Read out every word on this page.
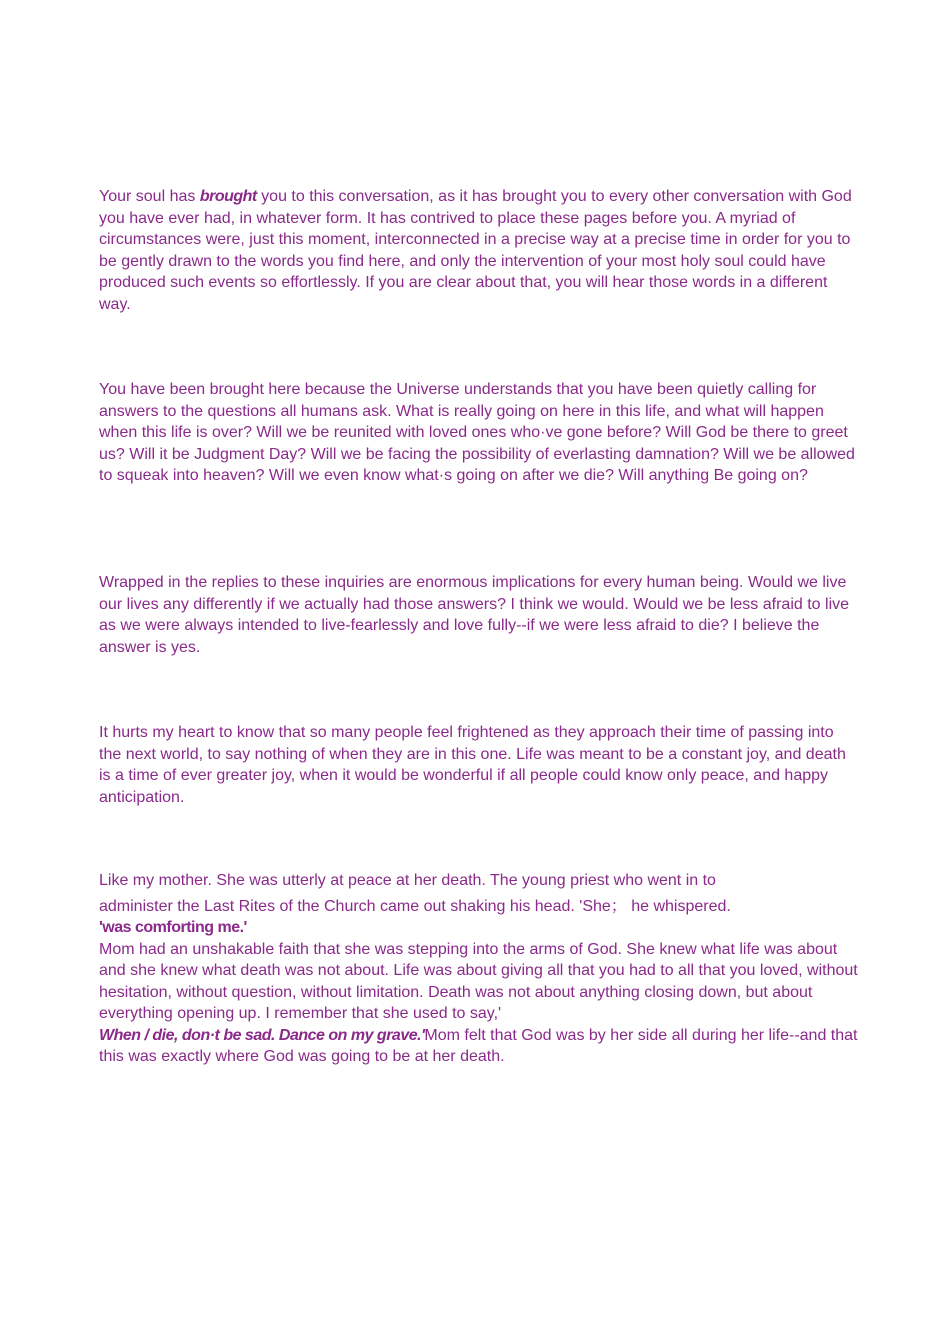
Your soul has brought you to this conversation, as it has brought you to every other conversation with God you have ever had, in whatever form. It has contrived to place these pages before you. A myriad of circumstances were, just this moment, interconnected in a precise way at a precise time in order for you to be gently drawn to the words you find here, and only the intervention of your most holy soul could have produced such events so effortlessly. If you are clear about that, you will hear those words in a different way.

You have been brought here because the Universe understands that you have been quietly calling for answers to the questions all humans ask. What is really going on here in this life, and what will happen when this life is over? Will we be reunited with loved ones who·ve gone before? Will God be there to greet us? Will it be Judgment Day? Will we be facing the possibility of everlasting damnation? Will we be allowed to squeak into heaven? Will we even know what·s going on after we die? Will anything Be going on?

Wrapped in the replies to these inquiries are enormous implications for every human being. Would we live our lives any differently if we actually had those answers? I think we would. Would we be less afraid to live as we were always intended to live-fearlessly and love fully--if we were less afraid to die? I believe the answer is yes.

It hurts my heart to know that so many people feel frightened as they approach their time of passing into the next world, to say nothing of when they are in this one. Life was meant to be a constant joy, and death is a time of ever greater joy, when it would be wonderful if all people could know only peace, and happy anticipation.

Like my mother. She was utterly at peace at her death. The young priest who went in to
administer the Last Rites of the Church came out shaking his head. 'She； he whispered.
'was comforting me.'
Mom had an unshakable faith that she was stepping into the arms of God. She knew what life was about and she knew what death was not about. Life was about giving all that you had to all that you loved, without hesitation, without question, without limitation. Death was not about anything closing down, but about everything opening up. I remember that she used to say,'
When / die, don·t be sad. Dance on my grave.'Mom felt that God was by her side all during her life--and that this was exactly where God was going to be at her death.
